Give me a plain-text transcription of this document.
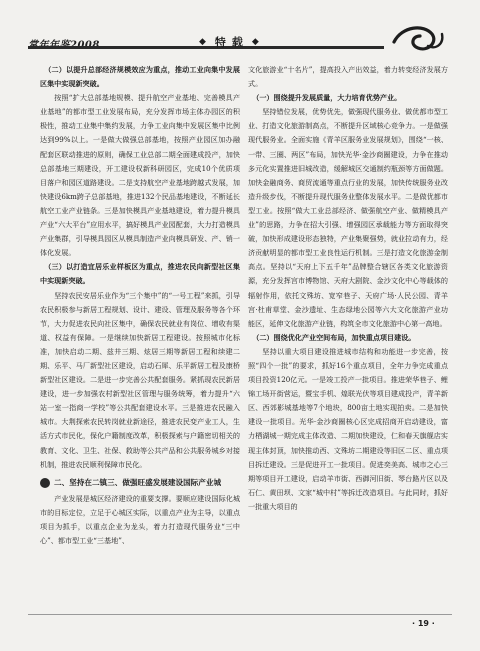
◆ 特 载 ◆

（二）以提升总部经济规模效应为重点，推动工业向集中发展区集中实现新突破。

按照“扩大总部基地规模、提升航空产业基地、完善模具产业基地”的都市型工业发展布局，充分发挥市场主体办园区的积极性，推动工业集中集约发展，力争工业向集中发展区集中比例达到99%以上。一是做大做强总部基地，按照产业园区加办融配套区联动推进的原则，确保工业总部二期全面建成投产，加快总部基地三期建设，开工建设权新科研园区，完成10个优质项目落户和园区道路建设。二是支持航空产业基地跨越式发展，加快建设6km跨子总部基地，推进132个民品基地建设，不断延长航空工业产业链条。三是加快模具产业基地建设，着力提升模具产业“六大平台”应用水平，搞好模具产业园配套，大力打造模具产业集群，引导模具园区从模具制造产业向模具研发、产、销一体化发展。

（三）以打造宜居乐业样板区为重点，推进农民向新型社区集中实现新突破。

坚持农民安居乐业作为“三个集中”的“一号工程”来抓，引导农民积极参与新居工程规划、设计、建设、管理及服务等各个环节，大力促进农民向社区集中，确保农民就业有岗位、增收有渠道、权益有保障。一是继续加快新居工程建设。按照城市化标准，加快启动二期、兹井三期、炫居三期等新居工程和续建二期、乐平、马厂新型社区建设，启动石犀、乐平新居工程及康桥新型社区建设。二是进一步完善公共配套服务。紧抓现农民新居建设，进一步加强农村新型社区管理与服务统筹，着力提升“六站一室一指商一学校”等公共配套建设水平。三是推进农民融入城市。大荆探索农民转岗就业新途径，推进农民变产业工人，生活方式市民化，保化户籍制度改革，积极探索与户籍密切相关的教育、文化、卫生、社保、救助等公共产品和公共服务城乡对接机制，推进农民顺利保障市民化。

二、坚持在二镇三、做强旺盛发展建设国际产业城

产业发展是城区经济建设的重要支撑。要顺应建设国际化城市的目标定位，立足于心城区实际，以重点产业为主导，以重点项目为抓手，以重点企业为龙头，着力打造现代服务业“三中心”、都市型工业“三基地”、

文化旅游业“十名片”，提高投入产出效益，着力转变经济发展方式。

（一）围绕提升发展质量，大力培育优势产业。

坚持错位发展，优势优先，做强现代服务业、做优都市型工业、打造文化旅游制高点，不断提升区域核心竞争力。一是做强现代服务业。全面实施《青羊区服务业发展规划》，围绕“一核、一带、三圈、两区”布局，加快光华·金沙商圈建设，力争在推动多元化实置推进旧城改造，缓解城区交通制约瓶颈等方面做题。加快金融商务、商贸流通等重点行业的发展，加快传统服务业改造升级步伐，不断提升现代服务业整体发展水平。二是做优都市型工业。按照“做大工业总部经济、做强航空产业、做精模具产业”的思路，力争在招大引强、增强园区承载能力等方面取得突破，加快形成建设形态独特，产业集聚强势，就业拉动有力，经济贡献明显的都市型工业良性运行机制。三是打造文化旅游金制高点。坚持以“天府上下五千年”品牌整合辖区各类文化旅游资源，充分发挥宫市博物馆、天府大剧院、金沙文化中心等载体的辐射作用，依托文殊坊、宽窄巷子、天府广场·人民公园、青羊宫·杜甫草堂、金沙遗址、生态绿地公园等六大文化旅游产业功能区，延伸文化旅游产业链，构筑全市文化旅游中心第一高地。

（二）围绕优化产业空间布局，加快重点项目建设。

坚持以重大项目建设推进城市结构和功能进一步完善，按照“四个一批”的要求，抓好16个重点项目，全年力争完成重点项目投资120亿元。一是竣工投产一批项目。推进荣华巷子、鲤锦工场开街营运，暨宝手机、煌联光伏等项目建成投产，青羊新区、西郊影城基地等7个地块，800亩土地实现拍卖。二是加快建设一批项目。光华·金沙商圈核心区完成招商开启动建设，富力栖湖城一期完成主体改造、二期加快建设，仁和春天旗舰店实现主体封顶，加快推动西、文殊坊二期建设等旧区二区、重点项目拆迁建设。三是促进开工一批项目。促进奕美高、城市之心三期等项目开工建设，启动羊市街、西御河旧街、琴台路片区以及石仁、黄田坝、文家“城中村”等拆迁改造项目。与此同时，抓好一批重大项目的

· 19 ·
